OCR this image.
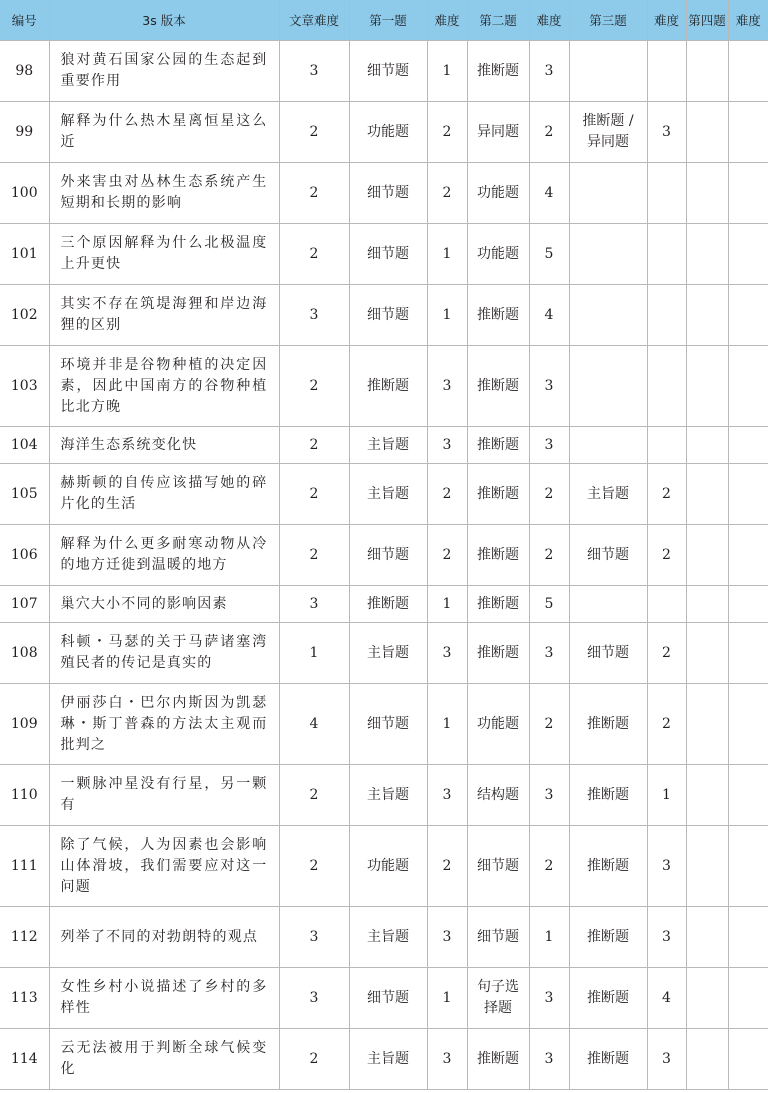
编号	3s 版本	文章难度	第一题	难度	第二题	难度	第三题	难度	第四题	难度
98	狼对黄石国家公园的生态起到重要作用	3	细节题	1	推断题	3				
99	解释为什么热木星离恒星这么近	2	功能题	2	异同题	2	推断题 / 异同题	3		
100	外来害虫对丛林生态系统产生短期和长期的影响	2	细节题	2	功能题	4				
101	三个原因解释为什么北极温度上升更快	2	细节题	1	功能题	5				
102	其实不存在筑堤海狸和岸边海狸的区别	3	细节题	1	推断题	4				
103	环境并非是谷物种植的决定因素，因此中国南方的谷物种植比北方晚	2	推断题	3	推断题	3				
104	海洋生态系统变化快	2	主旨题	3	推断题	3				
105	赫斯顿的自传应该描写她的碎片化的生活	2	主旨题	2	推断题	2	主旨题	2		
106	解释为什么更多耐寒动物从冷的地方迁徙到温暖的地方	2	细节题	2	推断题	2	细节题	2		
107	巢穴大小不同的影响因素	3	推断题	1	推断题	5				
108	科顿・马瑟的关于马萨诸塞湾殖民者的传记是真实的	1	主旨题	3	推断题	3	细节题	2		
109	伊丽莎白・巴尔内斯因为凯瑟琳・斯丁普森的方法太主观而批判之	4	细节题	1	功能题	2	推断题	2		
110	一颗脉冲星没有行星，另一颗有	2	主旨题	3	结构题	3	推断题	1		
111	除了气候，人为因素也会影响山体滑坡，我们需要应对这一问题	2	功能题	2	细节题	2	推断题	3		
112	列举了不同的对勃朗特的观点	3	主旨题	3	细节题	1	推断题	3		
113	女性乡村小说描述了乡村的多样性	3	细节题	1	句子选择题	3	推断题	4		
114	云无法被用于判断全球气候变化	2	主旨题	3	推断题	3	推断题	3		
